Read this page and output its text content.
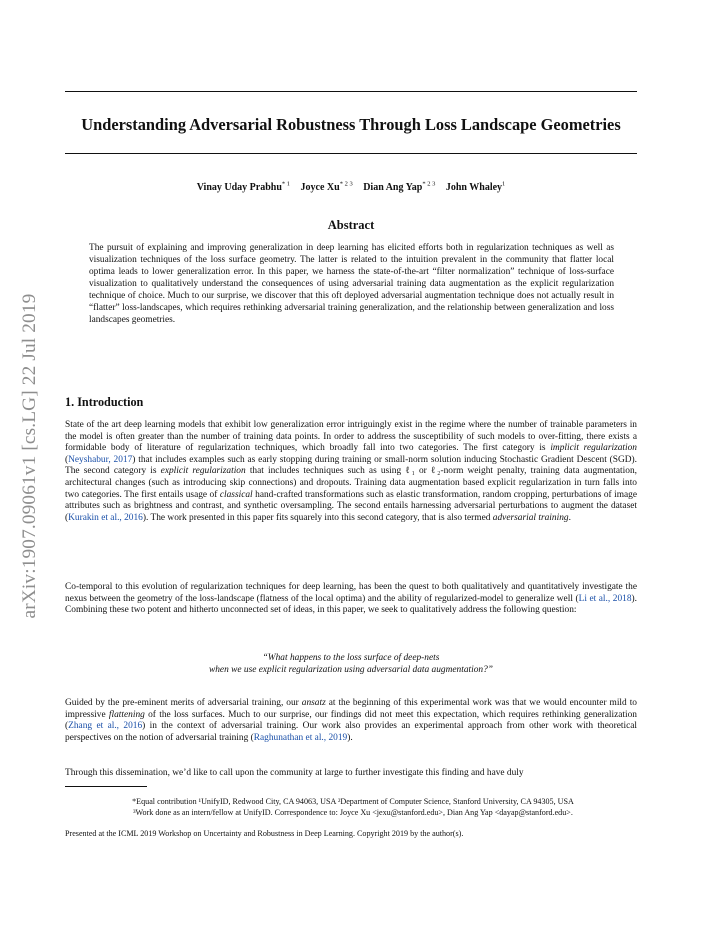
arXiv:1907.09061v1 [cs.LG] 22 Jul 2019
Understanding Adversarial Robustness Through Loss Landscape Geometries
Vinay Uday Prabhu$^{* 1}$ Joyce $Xu^{* 2 3}$ Dian Ang Yap$^{* 2 3}$ John Whaley$^1$
Abstract

The pursuit of explaining and improving generalization in deep learning has elicited efforts both in regularization techniques as well as visualization techniques of the loss surface geometry. The latter is related to the intuition prevalent in the community that flatter local optima leads to lower generalization error. In this paper, we harness the state-of-the-art “filter normalization” technique of loss-surface visualization to qualitatively understand the consequences of using adversarial training data augmentation as the explicit regularization technique of choice. Much to our surprise, we discover that this oft deployed adversarial augmentation technique does not actually result in “flatter” loss-landscapes, which requires rethinking adversarial training generalization, and the relationship between generalization and loss landscapes geometries.

1. Introduction

State of the art deep learning models that exhibit low generalization error intriguingly exist in the regime where the number of trainable parameters in the model is often greater than the number of training data points. In order to address the susceptibility of such models to over-fitting, there exists a formidable body of literature of regularization techniques, which broadly fall into two categories. The first category is implicit regularization (Neyshabur, 2017) that includes examples such as early stopping during training or small-norm solution inducing Stochastic Gradient Descent (SGD). The second category is explicit regularization that includes techniques such as using ℓ₁ or ℓ₂-norm weight penalty, training data augmentation, architectural changes (such as introducing skip connections) and dropouts. Training data augmentation based explicit regularization in turn falls into two categories. The first entails usage of classical hand-crafted transformations such as elastic transformation, random cropping, perturbations of image attributes such as brightness and contrast, and synthetic oversampling. The second entails harnessing adversarial perturbations to augment the dataset (Kurakin et al., 2016). The work presented in this paper fits squarely into this second category, that is also termed adversarial training.

Co-temporal to this evolution of regularization techniques for deep learning, has been the quest to both qualitatively and quantitatively investigate the nexus between the geometry of the loss-landscape (flatness of the local optima) and the ability of regularized-model to generalize well (Li et al., 2018). Combining these two potent and hitherto unconnected set of ideas, in this paper, we seek to qualitatively address the following question:

“What happens to the loss surface of deep-nets
when we use explicit regularization using adversarial data augmentation?”

Guided by the pre-eminent merits of adversarial training, our ansatz at the beginning of this experimental work was that we would encounter mild to impressive flattening of the loss surfaces. Much to our surprise, our findings did not meet this expectation, which requires rethinking generalization (Zhang et al., 2016) in the context of adversarial training. Our work also provides an experimental approach from other work with theoretical perspectives on the notion of adversarial training (Raghunathan et al., 2019).

Through this dissemination, we’d like to call upon the community at large to further investigate this finding and have duly

*Equal contribution ¹UnifyID, Redwood City, CA 94063, USA ²Department of Computer Science, Stanford University, CA 94305, USA
³Work done as an intern/fellow at UnifyID. Correspondence to: Joyce Xu <jexu@stanford.edu>, Dian Ang Yap <dayap@stanford.edu>.
Presented at the ICML 2019 Workshop on Uncertainty and Robustness in Deep Learning. Copyright 2019 by the author(s).
